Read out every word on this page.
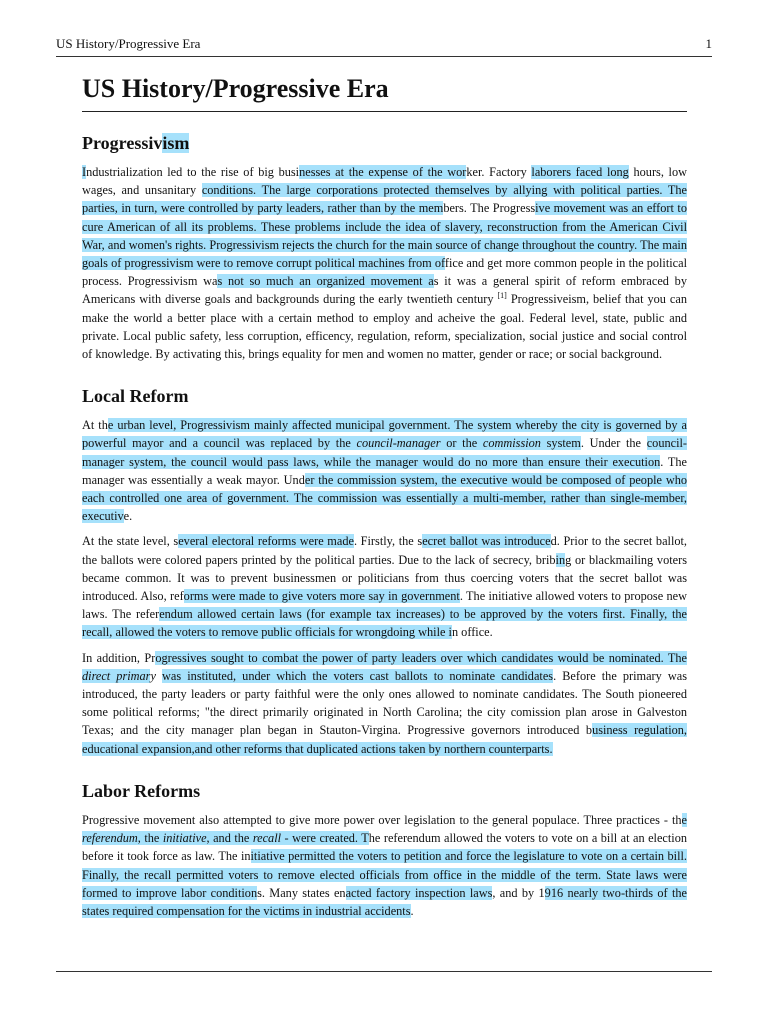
US History/Progressive Era	1
US History/Progressive Era
Progressivism

Industrialization led to the rise of big businesses at the expense of the worker. Factory laborers faced long hours, low wages, and unsanitary conditions. The large corporations protected themselves by allying with political parties. The parties, in turn, were controlled by party leaders, rather than by the members. The Progressive movement was an effort to cure American of all its problems. These problems include the idea of slavery, reconstruction from the American Civil War, and women's rights. Progressivism rejects the church for the main source of change throughout the country. The main goals of progressivism were to remove corrupt political machines from office and get more common people in the political process. Progressivism was not so much an organized movement as it was a general spirit of reform embraced by Americans with diverse goals and backgrounds during the early twentieth century [1] Progressiveism, belief that you can make the world a better place with a certain method to employ and acheive the goal. Federal level, state, public and private. Local public safety, less corruption, efficency, regulation, reform, specialization, social justice and social control of knowledge. By activating this, brings equality for men and women no matter, gender or race; or social background.

Local Reform

At the urban level, Progressivism mainly affected municipal government. The system whereby the city is governed by a powerful mayor and a council was replaced by the council-manager or the commission system. Under the council-manager system, the council would pass laws, while the manager would do no more than ensure their execution. The manager was essentially a weak mayor. Under the commission system, the executive would be composed of people who each controlled one area of government. The commission was essentially a multi-member, rather than single-member, executive.

At the state level, several electoral reforms were made. Firstly, the secret ballot was introduced. Prior to the secret ballot, the ballots were colored papers printed by the political parties. Due to the lack of secrecy, bribing or blackmailing voters became common. It was to prevent businessmen or politicians from thus coercing voters that the secret ballot was introduced. Also, reforms were made to give voters more say in government. The initiative allowed voters to propose new laws. The referendum allowed certain laws (for example tax increases) to be approved by the voters first. Finally, the recall, allowed the voters to remove public officials for wrongdoing while in office.

In addition, Progressives sought to combat the power of party leaders over which candidates would be nominated. The direct primary was instituted, under which the voters cast ballots to nominate candidates. Before the primary was introduced, the party leaders or party faithful were the only ones allowed to nominate candidates. The South pioneered some political reforms; "the direct primarily originated in North Carolina; the city comission plan arose in Galveston Texas; and the city manager plan began in Stauton-Virgina. Progressive governors introduced business regulation, educational expansion,and other reforms that duplicated actions taken by northern counterparts.

Labor Reforms

Progressive movement also attempted to give more power over legislation to the general populace. Three practices - the referendum, the initiative, and the recall - were created. The referendum allowed the voters to vote on a bill at an election before it took force as law. The initiative permitted the voters to petition and force the legislature to vote on a certain bill. Finally, the recall permitted voters to remove elected officials from office in the middle of the term. State laws were formed to improve labor conditions. Many states enacted factory inspection laws, and by 1916 nearly two-thirds of the states required compensation for the victims in industrial accidents.
